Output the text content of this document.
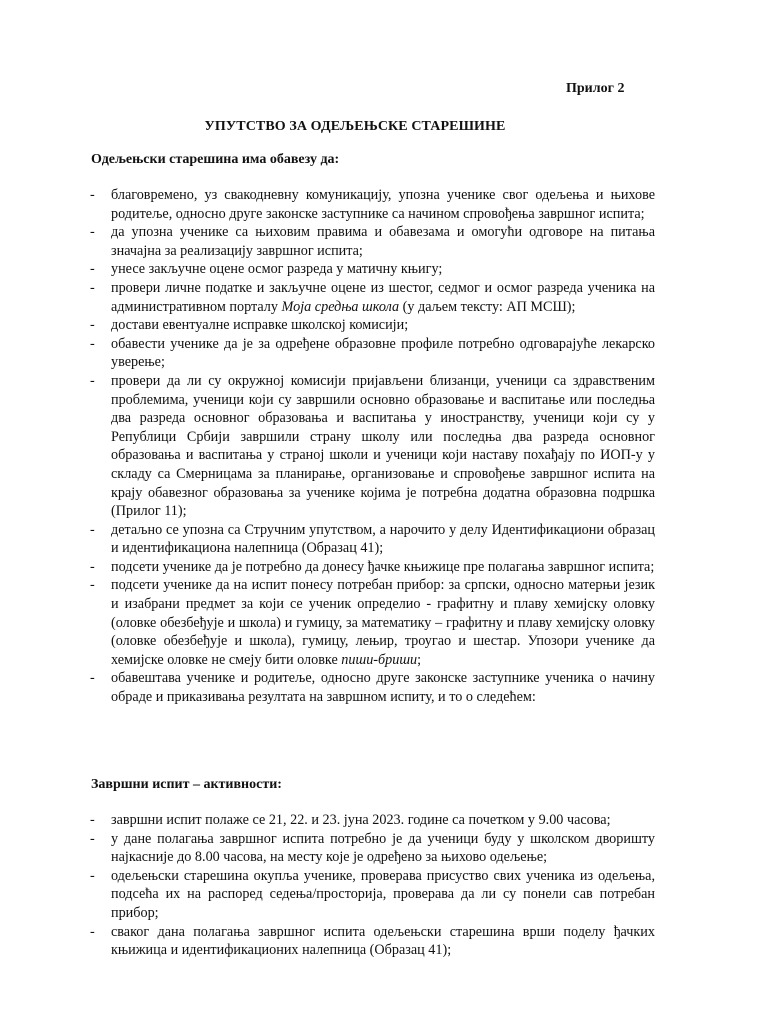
Прилог 2
УПУТСТВО ЗА ОДЕЉЕЊСКЕ СТАРЕШИНЕ
Одељењски старешина има обавезу да:
- благовремено, уз свакодневну комуникацију, упозна ученике свог одељења и њихове родитеље, односно друге законске заступнике са начином спровођења завршног испита;
- да упозна ученике са њиховим правима и обавезама и омогући одговоре на питања значајна за реализацију завршног испита;
- унесе закључне оцене осмог разреда у матичну књигу;
- провери личне податке и закључне оцене из шестог, седмог и осмог разреда ученика на административном порталу Моја средња школа (у даљем тексту: АП МСШ);
- достави евентуалне исправке школској комисији;
- обавести ученике да је за одређене образовне профиле потребно одговарајуће лекарско уверење;
- провери да ли су окружној комисији пријављени близанци, ученици са здравственим проблемима, ученици који су завршили основно образовање и васпитање или последња два разреда основног образовања и васпитања у иностранству, ученици који су у Републици Србији завршили страну школу или последња два разреда основног образовања и васпитања у страној школи и ученици који наставу похађају по ИОП-у у складу са Смерницама за планирање, организовање и спровођење завршног испита на крају обавезног образовања за ученике којима је потребна додатна образовна подршка (Прилог 11);
- детаљно се упозна са Стручним упутством, а нарочито у делу Идентификациони образац и идентификациона налепница (Образац 41);
- подсети ученике да је потребно да донесу ђачке књижице пре полагања завршног испита;
- подсети ученике да на испит понесу потребан прибор: за српски, односно матерњи језик и изабрани предмет за који се ученик определио - графитну и плаву хемијску оловку (оловке обезбеђује и школа) и гумицу, за математику – графитну и плаву хемијску оловку (оловке обезбеђује и школа), гумицу, лењир, троугао и шестар. Упозори ученике да хемијске оловке не смеју бити оловке пиши-бриши;
- обавештава ученике и родитеље, односно друге законске заступнике ученика о начину обраде и приказивања резултата на завршном испиту, и то о следећем:
Завршни испит – активности:
- завршни испит полаже се 21, 22. и 23. јуна 2023. године са почетком у 9.00 часова;
- у дане полагања завршног испита потребно је да ученици буду у школском дворишту најкасније до 8.00 часова, на месту које је одређено за њихово одељење;
- одељењски старешина окупља ученике, проверава присуство свих ученика из одељења, подсећа их на распоред седења/просторија, проверава да ли су понели сав потребан прибор;
- сваког дана полагања завршног испита одељењски старешина врши поделу ђачких књижица и идентификационих налепница (Образац 41);
